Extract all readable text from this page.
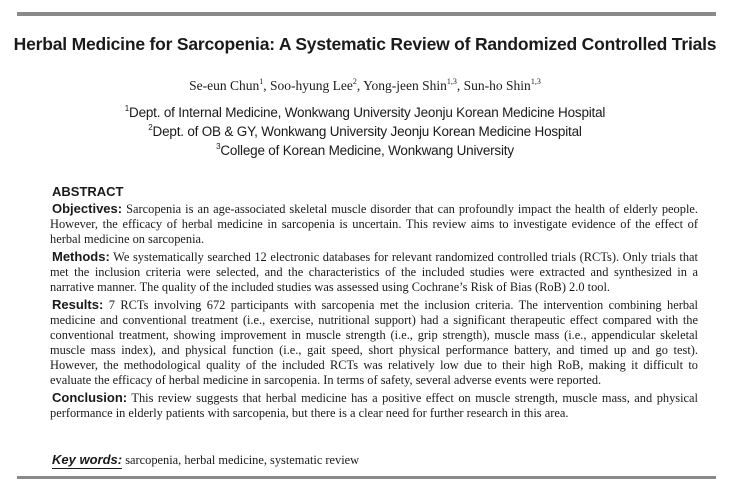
Herbal Medicine for Sarcopenia: A Systematic Review of Randomized Controlled Trials
Se-eun Chun$^1$, Soo-hyung Lee$^2$, Yong-jeen Shin$^{1,3}$, Sun-ho Shin$^{1,3}$
$^1$Dept. of Internal Medicine, Wonkwang University Jeonju Korean Medicine Hospital
$^2$Dept. of OB & GY, Wonkwang University Jeonju Korean Medicine Hospital
$^3$College of Korean Medicine, Wonkwang University
ABSTRACT

Objectives: Sarcopenia is an age-associated skeletal muscle disorder that can profoundly impact the health of elderly people. However, the efficacy of herbal medicine in sarcopenia is uncertain. This review aims to investigate evidence of the effect of herbal medicine on sarcopenia.

Methods: We systematically searched 12 electronic databases for relevant randomized controlled trials (RCTs). Only trials that met the inclusion criteria were selected, and the characteristics of the included studies were extracted and synthesized in a narrative manner. The quality of the included studies was assessed using Cochrane’s Risk of Bias (RoB) 2.0 tool.

Results: 7 RCTs involving 672 participants with sarcopenia met the inclusion criteria. The intervention combining herbal medicine and conventional treatment (i.e., exercise, nutritional support) had a significant therapeutic effect compared with the conventional treatment, showing improvement in muscle strength (i.e., grip strength), muscle mass (i.e., appendicular skeletal muscle mass index), and physical function (i.e., gait speed, short physical performance battery, and timed up and go test). However, the methodological quality of the included RCTs was relatively low due to their high RoB, making it difficult to evaluate the efficacy of herbal medicine in sarcopenia. In terms of safety, several adverse events were reported.

Conclusion: This review suggests that herbal medicine has a positive effect on muscle strength, muscle mass, and physical performance in elderly patients with sarcopenia, but there is a clear need for further research in this area.

Key words: sarcopenia, herbal medicine, systematic review
